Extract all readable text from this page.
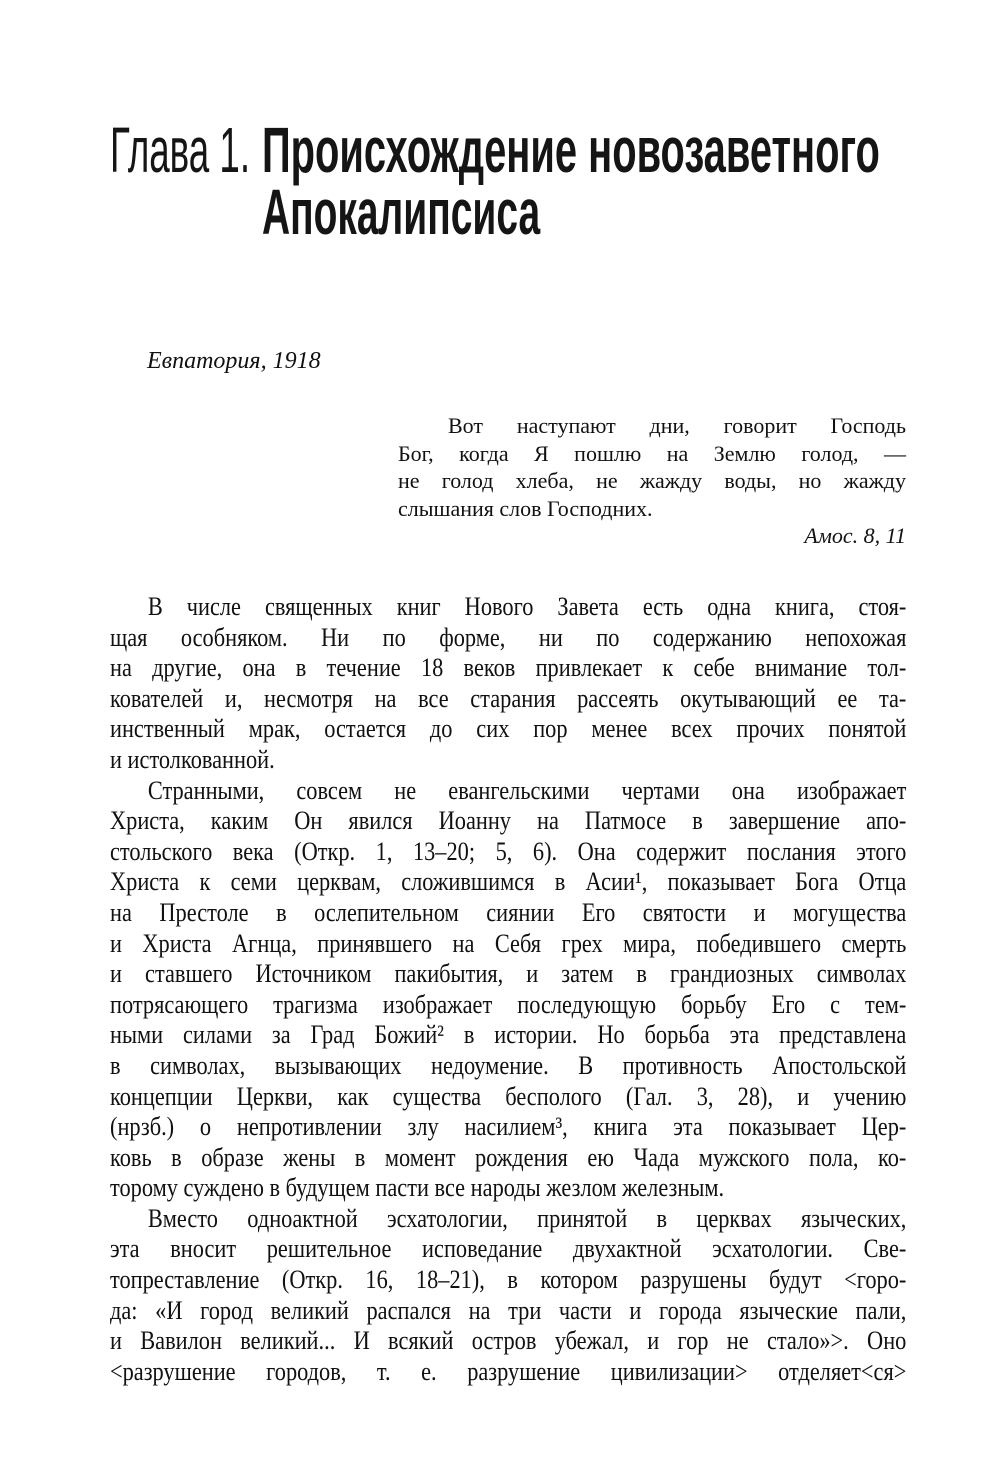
Глава 1. Происхождение новозаветного
Апокалипсиса
Евпатория, 1918
Вот наступают дни, говорит Господь
Бог, когда Я пошлю на Землю голод, —
не голод хлеба, не жажду воды, но жажду
слышания слов Господних.
Амос. 8, 11
В числе священных книг Нового Завета есть одна книга, стоя-
щая особняком. Ни по форме, ни по содержанию непохожая
на другие, она в течение 18 веков привлекает к себе внимание тол-
кователей и, несмотря на все старания рассеять окутывающий ее та-
инственный мрак, остается до сих пор менее всех прочих понятой
и истолкованной.
Странными, совсем не евангельскими чертами она изображает
Христа, каким Он явился Иоанну на Патмосе в завершение апо-
стольского века (Откр. 1, 13–20; 5, 6). Она содержит послания этого
Христа к семи церквам, сложившимся в Асии¹, показывает Бога Отца
на Престоле в ослепительном сиянии Его святости и могущества
и Христа Агнца, принявшего на Себя грех мира, победившего смерть
и ставшего Источником пакибытия, и затем в грандиозных символах
потрясающего трагизма изображает последующую борьбу Его с тем-
ными силами за Град Божий² в истории. Но борьба эта представлена
в символах, вызывающих недоумение. В противность Апостольской
концепции Церкви, как существа бесполого (Гал. 3, 28), и учению
(нрзб.) о непротивлении злу насилием³, книга эта показывает Цер-
ковь в образе жены в момент рождения ею Чада мужского пола, ко-
торому суждено в будущем пасти все народы жезлом железным.
Вместо одноактной эсхатологии, принятой в церквах языческих,
эта вносит решительное исповедание двухактной эсхатологии. Све-
топреставление (Откр. 16, 18–21), в котором разрушены будут <горо-
да: «И город великий распался на три части и города языческие пали,
и Вавилон великий... И всякий остров убежал, и гор не стало»>. Оно
<разрушение городов, т. е. разрушение цивилизации> отделяет<ся>
